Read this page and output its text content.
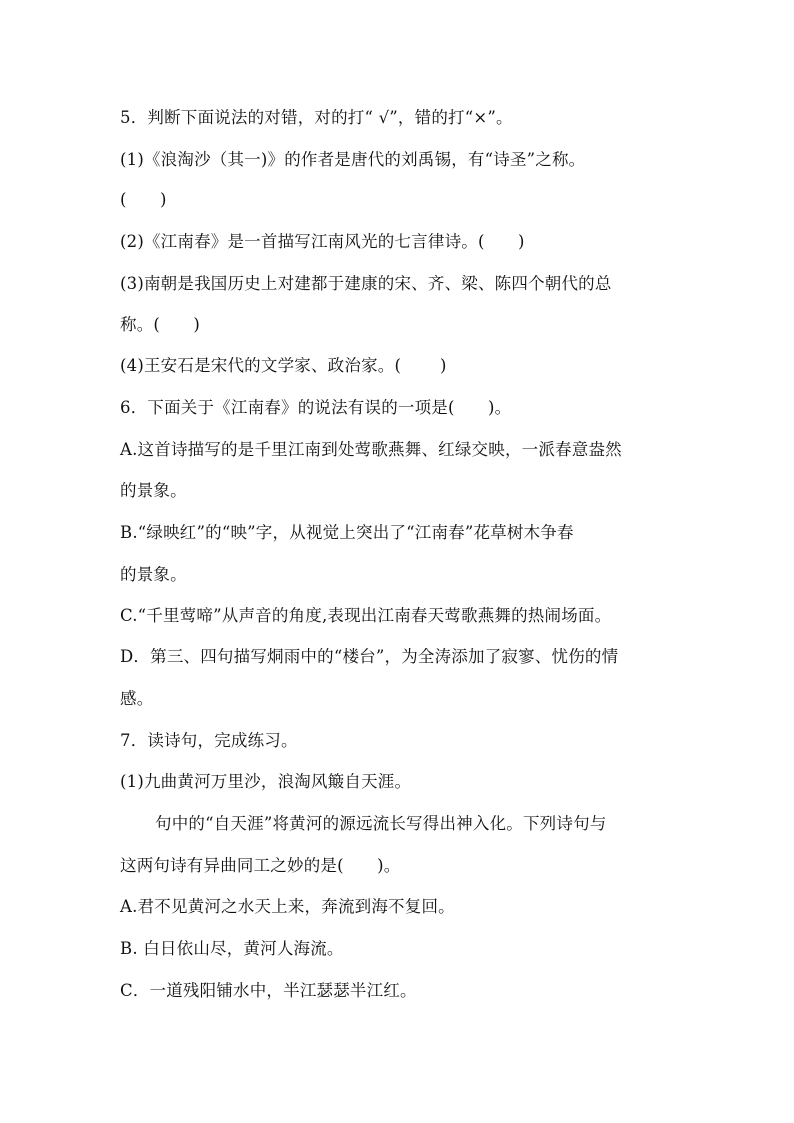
5．判断下面说法的对错，对的打“ √”，错的打“×”。
(1)《浪淘沙（其一)》的作者是唐代的刘禹锡，有“诗圣”之称。
(　　)
(2)《江南春》是一首描写江南风光的七言律诗。(　　)
(3)南朝是我国历史上对建都于建康的宋、齐、梁、陈四个朝代的总
称。(　　)
(4)王安石是宋代的文学家、政治家。(　　 )
6．下面关于《江南春》的说法有误的一项是(　　)。
A.这首诗描写的是千里江南到处莺歌燕舞、红绿交映，一派春意盎然
的景象。
B.“绿映红”的“映”字，从视觉上突出了“江南春”花草树木争春
的景象。
C.“千里莺啼”从声音的角度,表现出江南春天莺歌燕舞的热闹场面。
D．第三、四句描写烔雨中的“楼台”，为全涛添加了寂寥、忧伤的情
感。
7．读诗句，完成练习。
(1)九曲黄河万里沙，浪淘风簸自天涯。
句中的“自天涯”将黄河的源远流长写得出神入化。下列诗句与
这两句诗有异曲同工之妙的是(　　)。
A.君不见黄河之水天上来，奔流到海不复回。
B. 白日依山尽，黄河人海流。
C．一道残阳铺水中，半江瑟瑟半江红。
